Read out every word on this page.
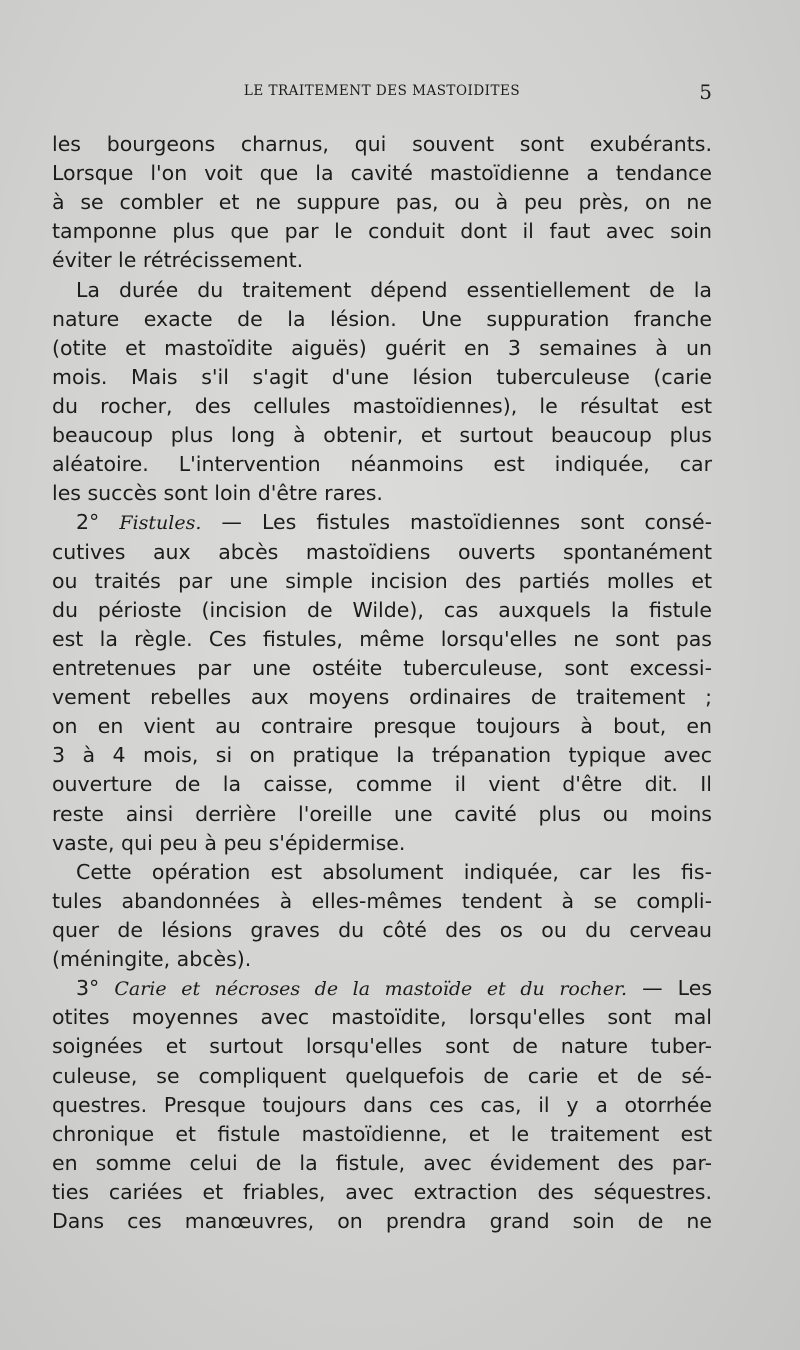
LE TRAITEMENT DES MASTOIDITES	5
les bourgeons charnus, qui souvent sont exubérants.
Lorsque l'on voit que la cavité mastoïdienne a tendance
à se combler et ne suppure pas, ou à peu près, on ne
tamponne plus que par le conduit dont il faut avec soin
éviter le rétrécissement.
La durée du traitement dépend essentiellement de la
nature exacte de la lésion. Une suppuration franche
(otite et mastoïdite aiguës) guérit en 3 semaines à un
mois. Mais s'il s'agit d'une lésion tuberculeuse (carie
du rocher, des cellules mastoïdiennes), le résultat est
beaucoup plus long à obtenir, et surtout beaucoup plus
aléatoire. L'intervention néanmoins est indiquée, car
les succès sont loin d'être rares.
2° Fistules. — Les fistules mastoïdiennes sont consé-
cutives aux abcès mastoïdiens ouverts spontanément
ou traités par une simple incision des partiés molles et
du périoste (incision de Wilde), cas auxquels la fistule
est la règle. Ces fistules, même lorsqu'elles ne sont pas
entretenues par une ostéite tuberculeuse, sont excessi-
vement rebelles aux moyens ordinaires de traitement ;
on en vient au contraire presque toujours à bout, en
3 à 4 mois, si on pratique la trépanation typique avec
ouverture de la caisse, comme il vient d'être dit. Il
reste ainsi derrière l'oreille une cavité plus ou moins
vaste, qui peu à peu s'épidermise.
Cette opération est absolument indiquée, car les fis-
tules abandonnées à elles-mêmes tendent à se compli-
quer de lésions graves du côté des os ou du cerveau
(méningite, abcès).
3° Carie et nécroses de la mastoïde et du rocher. — Les
otites moyennes avec mastoïdite, lorsqu'elles sont mal
soignées et surtout lorsqu'elles sont de nature tuber-
culeuse, se compliquent quelquefois de carie et de sé-
questres. Presque toujours dans ces cas, il y a otorrhée
chronique et fistule mastoïdienne, et le traitement est
en somme celui de la fistule, avec évidement des par-
ties cariées et friables, avec extraction des séquestres.
Dans ces manœuvres, on prendra grand soin de ne
